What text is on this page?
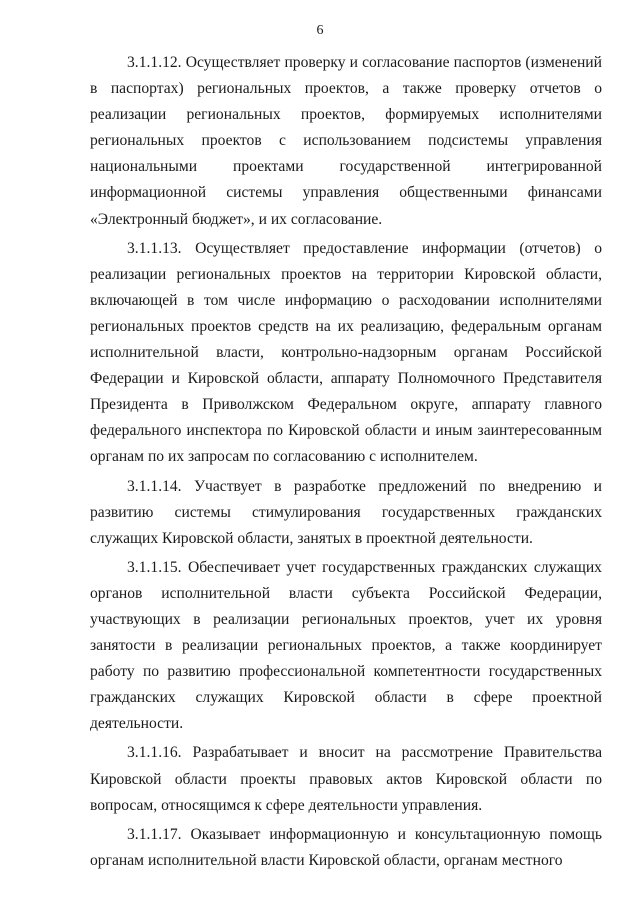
6

3.1.1.12. Осуществляет проверку и согласование паспортов (изменений в паспортах) региональных проектов, а также проверку отчетов о реализации региональных проектов, формируемых исполнителями региональных проектов с использованием подсистемы управления национальными проектами государственной интегрированной информационной системы управления общественными финансами «Электронный бюджет», и их согласование.

3.1.1.13. Осуществляет предоставление информации (отчетов) о реализации региональных проектов на территории Кировской области, включающей в том числе информацию о расходовании исполнителями региональных проектов средств на их реализацию, федеральным органам исполнительной власти, контрольно-надзорным органам Российской Федерации и Кировской области, аппарату Полномочного Представителя Президента в Приволжском Федеральном округе, аппарату главного федерального инспектора по Кировской области и иным заинтересованным органам по их запросам по согласованию с исполнителем.

3.1.1.14. Участвует в разработке предложений по внедрению и развитию системы стимулирования государственных гражданских служащих Кировской области, занятых в проектной деятельности.

3.1.1.15. Обеспечивает учет государственных гражданских служащих органов исполнительной власти субъекта Российской Федерации, участвующих в реализации региональных проектов, учет их уровня занятости в реализации региональных проектов, а также координирует работу по развитию профессиональной компетентности государственных гражданских служащих Кировской области в сфере проектной деятельности.

3.1.1.16. Разрабатывает и вносит на рассмотрение Правительства Кировской области проекты правовых актов Кировской области по вопросам, относящимся к сфере деятельности управления.

3.1.1.17. Оказывает информационную и консультационную помощь органам исполнительной власти Кировской области, органам местного
